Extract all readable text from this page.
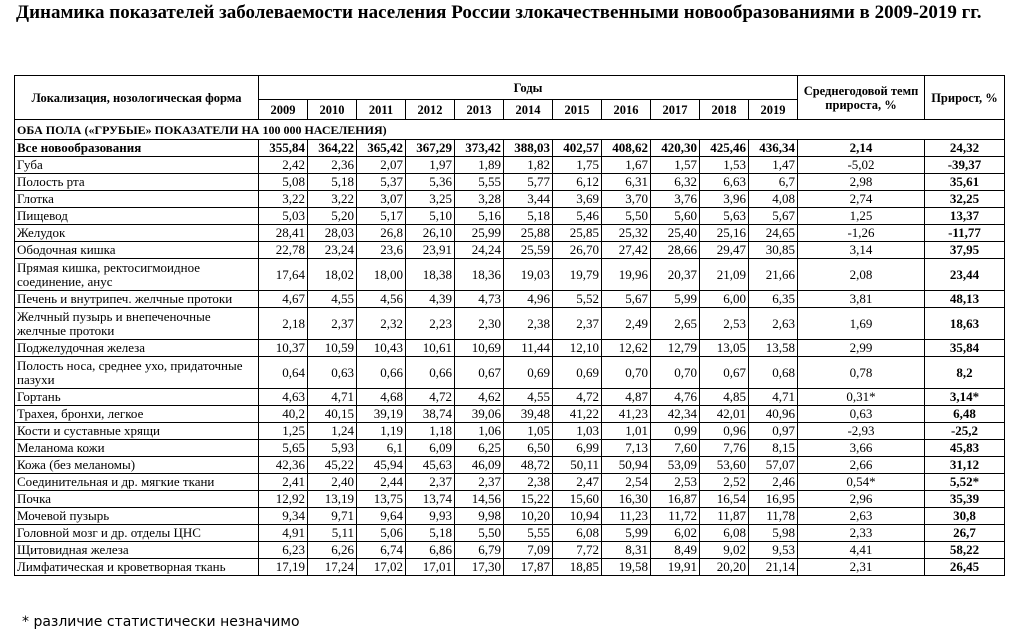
Динамика показателей заболеваемости населения России злокачественными новообразованиями в 2009-2019 гг.
Локализация, нозологическая форма	Годы											Среднегодовой темп прироста, %	Прирост, %
	2009	2010	2011	2012	2013	2014	2015	2016	2017	2018	2019		
ОБА ПОЛА («ГРУБЫЕ» ПОКАЗАТЕЛИ НА 100 000 НАСЕЛЕНИЯ)													
Все новообразования	355,84	364,22	365,42	367,29	373,42	388,03	402,57	408,62	420,30	425,46	436,34	2,14	24,32
Губа	2,42	2,36	2,07	1,97	1,89	1,82	1,75	1,67	1,57	1,53	1,47	-5,02	-39,37
Полость рта	5,08	5,18	5,37	5,36	5,55	5,77	6,12	6,31	6,32	6,63	6,7	2,98	35,61
Глотка	3,22	3,22	3,07	3,25	3,28	3,44	3,69	3,70	3,76	3,96	4,08	2,74	32,25
Пищевод	5,03	5,20	5,17	5,10	5,16	5,18	5,46	5,50	5,60	5,63	5,67	1,25	13,37
Желудок	28,41	28,03	26,8	26,10	25,99	25,88	25,85	25,32	25,40	25,16	24,65	-1,26	-11,77
Ободочная кишка	22,78	23,24	23,6	23,91	24,24	25,59	26,70	27,42	28,66	29,47	30,85	3,14	37,95
Прямая кишка, ректосигмоидное соединение, анус	17,64	18,02	18,00	18,38	18,36	19,03	19,79	19,96	20,37	21,09	21,66	2,08	23,44
Печень и внутрипеч. желчные протоки	4,67	4,55	4,56	4,39	4,73	4,96	5,52	5,67	5,99	6,00	6,35	3,81	48,13
Желчный пузырь и внепеченочные желчные протоки	2,18	2,37	2,32	2,23	2,30	2,38	2,37	2,49	2,65	2,53	2,63	1,69	18,63
Поджелудочная железа	10,37	10,59	10,43	10,61	10,69	11,44	12,10	12,62	12,79	13,05	13,58	2,99	35,84
Полость носа, среднее ухо, придаточные пазухи	0,64	0,63	0,66	0,66	0,67	0,69	0,69	0,70	0,70	0,67	0,68	0,78	8,2
Гортань	4,63	4,71	4,68	4,72	4,62	4,55	4,72	4,87	4,76	4,85	4,71	0,31*	3,14*
Трахея, бронхи, легкое	40,2	40,15	39,19	38,74	39,06	39,48	41,22	41,23	42,34	42,01	40,96	0,63	6,48
Кости и суставные хрящи	1,25	1,24	1,19	1,18	1,06	1,05	1,03	1,01	0,99	0,96	0,97	-2,93	-25,2
Меланома кожи	5,65	5,93	6,1	6,09	6,25	6,50	6,99	7,13	7,60	7,76	8,15	3,66	45,83
Кожа (без меланомы)	42,36	45,22	45,94	45,63	46,09	48,72	50,11	50,94	53,09	53,60	57,07	2,66	31,12
Соединительная и др. мягкие ткани	2,41	2,40	2,44	2,37	2,37	2,38	2,47	2,54	2,53	2,52	2,46	0,54*	5,52*
Почка	12,92	13,19	13,75	13,74	14,56	15,22	15,60	16,30	16,87	16,54	16,95	2,96	35,39
Мочевой пузырь	9,34	9,71	9,64	9,93	9,98	10,20	10,94	11,23	11,72	11,87	11,78	2,63	30,8
Головной мозг и др. отделы ЦНС	4,91	5,11	5,06	5,18	5,50	5,55	6,08	5,99	6,02	6,08	5,98	2,33	26,7
Щитовидная железа	6,23	6,26	6,74	6,86	6,79	7,09	7,72	8,31	8,49	9,02	9,53	4,41	58,22
Лимфатическая и кроветворная ткань	17,19	17,24	17,02	17,01	17,30	17,87	18,85	19,58	19,91	20,20	21,14	2,31	26,45

* различие статистически незначимо
